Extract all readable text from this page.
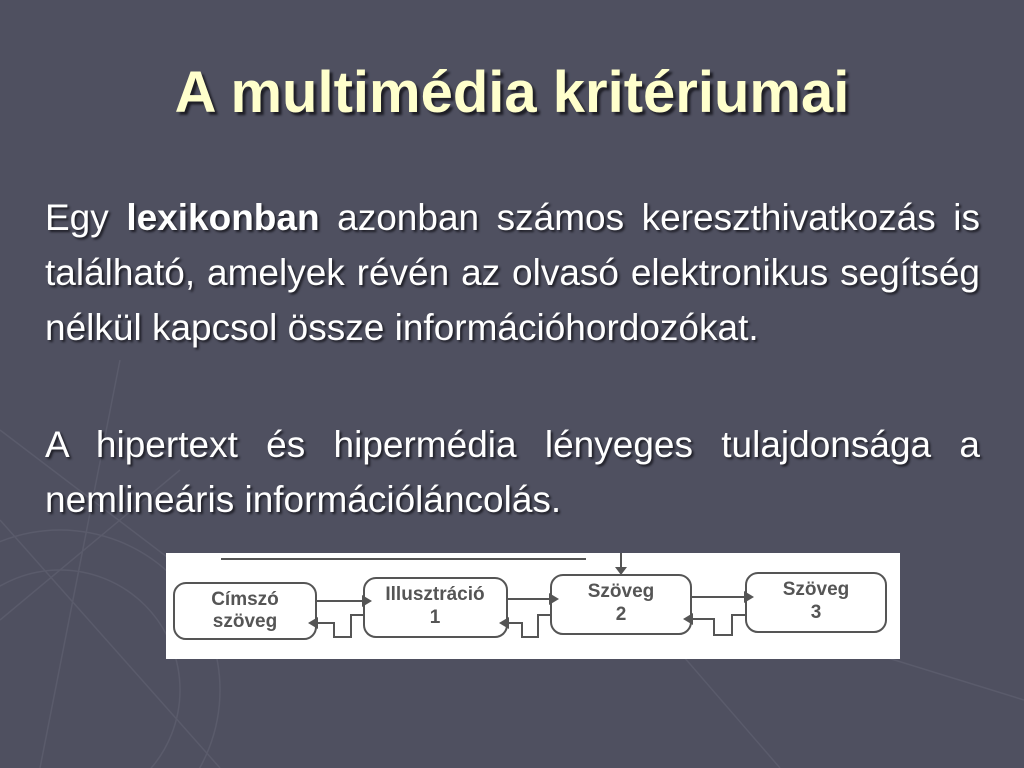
A multimédia kritériumai
Egy lexikonban azonban számos kereszthivatkozás is található, amelyek révén az olvasó elektronikus segítség nélkül kapcsol össze információhordozókat.
A hipertext és hipermédia lényeges tulajdonsága a nemlineáris információláncolás.
Címszó
szöveg
Illusztráció
1
Szöveg
2
Szöveg
3
